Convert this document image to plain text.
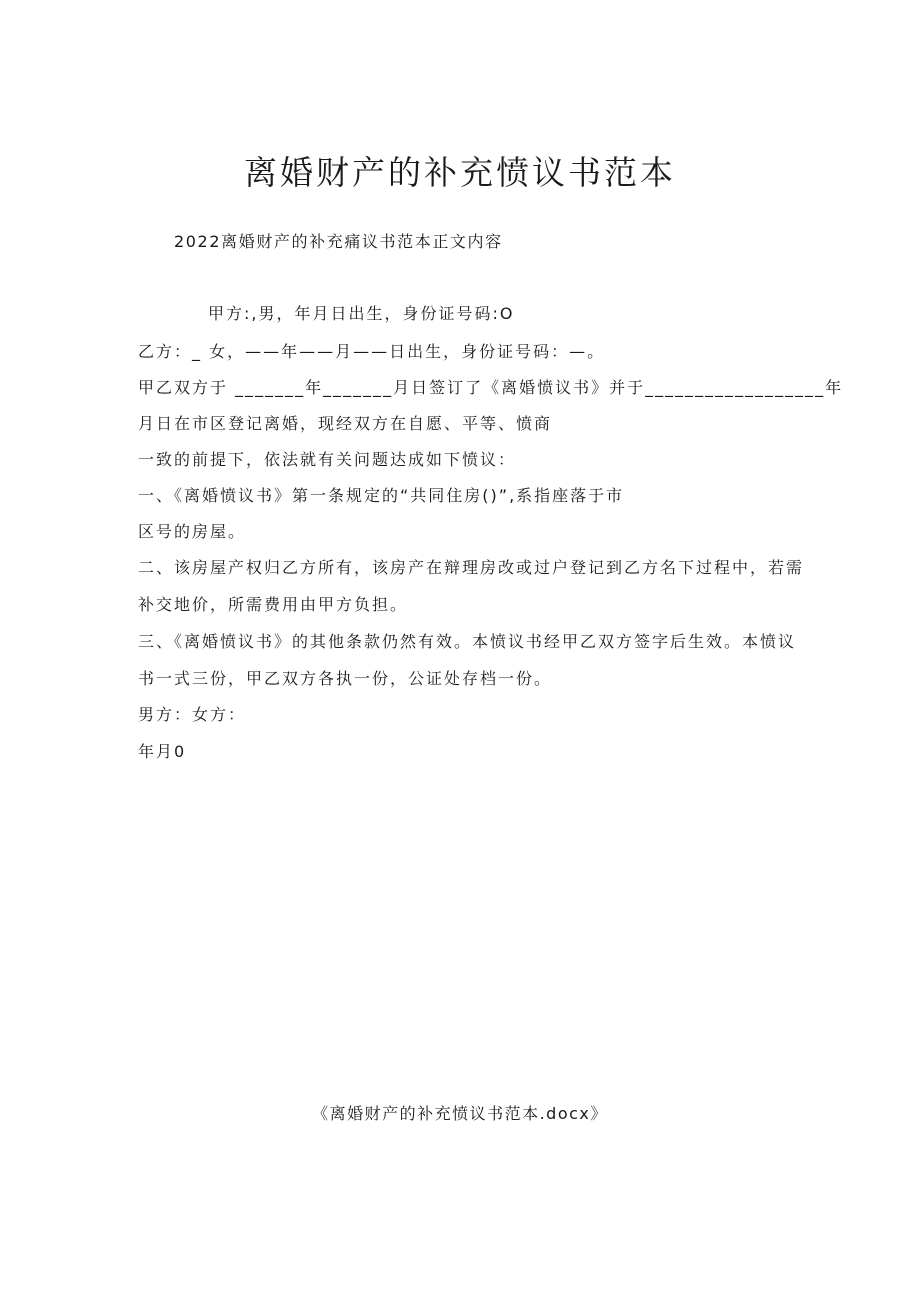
离婚财产的补充愤议书范本
2022离婚财产的补充痛议书范本正文内容
甲方:,男，年月日出生，身份证号码:O
乙方：_ 女，——年——月——日出生，身份证号码：—。
甲乙双方于 _______年_______月日签订了《离婚愤议书》并于__________________年
月日在市区登记离婚，现经双方在自愿、平等、愤商
一致的前提下，依法就有关问题达成如下愤议：
一、《离婚愤议书》第一条规定的“共同住房()”,系指座落于市
区号的房屋。
二、该房屋产权归乙方所有，该房产在辩理房改或过户登记到乙方名下过程中，若需
补交地价，所需费用由甲方负担。
三、《离婚愤议书》的其他条款仍然有效。本愤议书经甲乙双方签字后生效。本愤议
书一式三份，甲乙双方各执一份，公证处存档一份。
男方：女方：
年月0
《离婚财产的补充愤议书范本.docx》
